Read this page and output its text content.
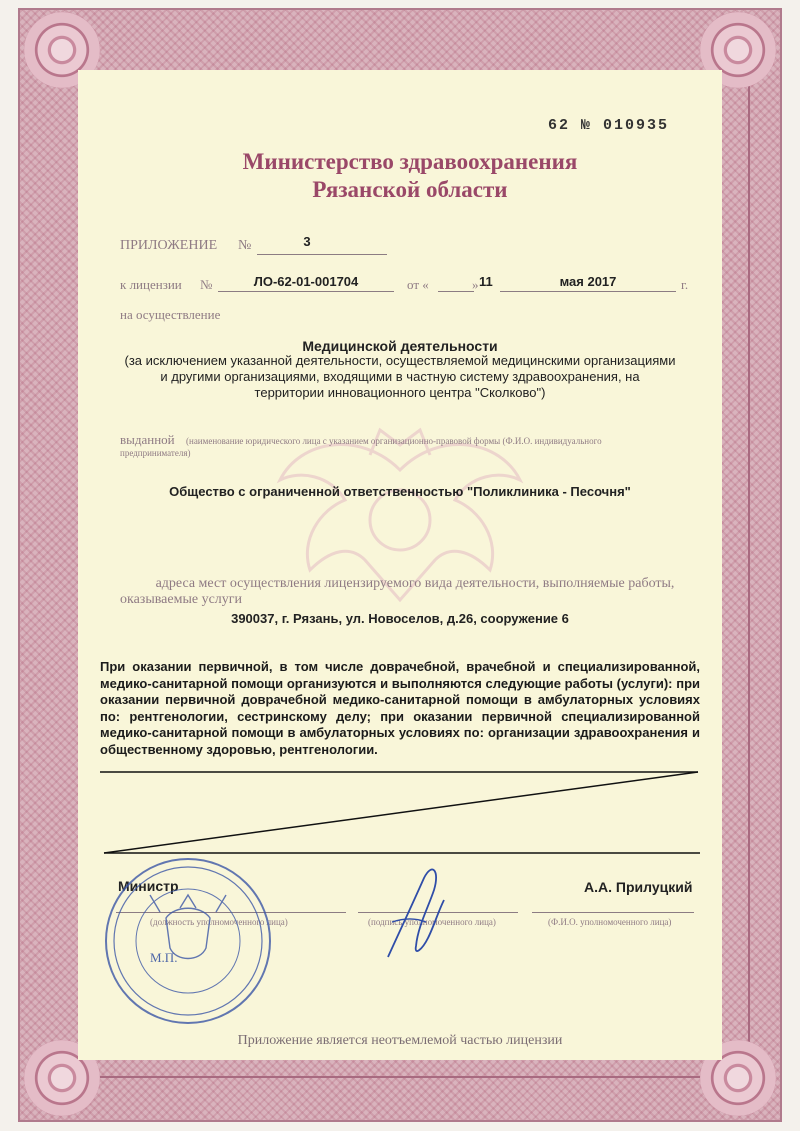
62 № 010935
Министерство здравоохранения
Рязанской области
ПРИЛОЖЕНИЕ №	3
к лицензии №	ЛО-62-01-001704	от «	» 11	мая 2017	г.
на осуществление
Медицинской деятельности
(за исключением указанной деятельности, осуществляемой медицинскими организациями
и другими организациями, входящими в частную систему здравоохранения, на
территории инновационного центра "Сколково")
выданной (наименование юридического лица с указанием организационно-правовой формы (Ф.И.О. индивидуального
предпринимателя)
Общество с ограниченной ответственностью "Поликлиника - Песочня"
адреса мест осуществления лицензируемого вида деятельности, выполняемые работы,
оказываемые услуги
390037, г. Рязань, ул. Новоселов, д.26, сооружение 6
При оказании первичной, в том числе доврачебной, врачебной и специализированной, медико-санитарной помощи организуются и выполняются следующие работы (услуги): при оказании первичной доврачебной медико-санитарной помощи в амбулаторных условиях по: рентгенологии, сестринскому делу; при оказании первичной специализированной медико-санитарной помощи в амбулаторных условиях по: организации здравоохранения и общественному здоровью, рентгенологии.
Министр	А.А. Прилуцкий
(должность уполномоченного лица)	(подпись уполномоченного лица)	(Ф.И.О. уполномоченного лица)
М.П.
Приложение является неотъемлемой частью лицензии
